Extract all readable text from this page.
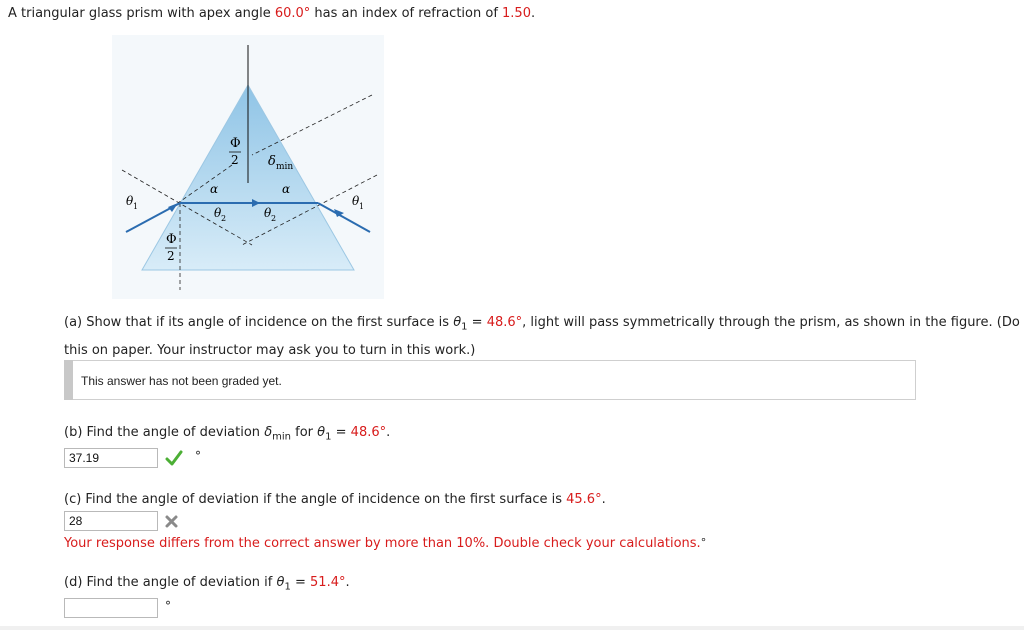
A triangular glass prism with apex angle 60.0° has an index of refraction of 1.50.
Φ
2 δ min
α	α
θ 2	θ 2
θ 1	θ 1
Φ
2
(a) Show that if its angle of incidence on the first surface is $\theta_1 = 48.6^\circ$, light will pass symmetrically through the prism, as shown in the figure. (Do this on paper. Your instructor may ask you to turn in this work.)
This answer has not been graded yet.
(b) Find the angle of deviation $\delta_{min}$ for $\theta_1 = 48.6^\circ$.
37.19	°
(c) Find the angle of deviation if the angle of incidence on the first surface is 45.6°.
28
Your response differs from the correct answer by more than 10%. Double check your calculations.°
(d) Find the angle of deviation if $\theta_1 = 51.4^\circ$.
°
